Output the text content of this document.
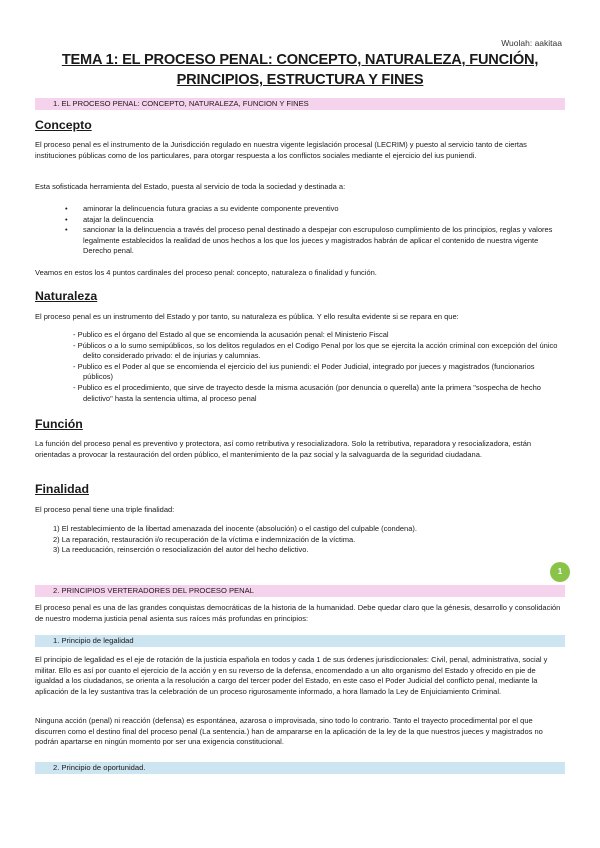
Wuolah: aakitaa
TEMA 1: EL PROCESO PENAL: CONCEPTO, NATURALEZA, FUNCIÓN,
PRINCIPIOS, ESTRUCTURA Y FINES
1. EL PROCESO PENAL: CONCEPTO, NATURALEZA, FUNCION Y FINES
Concepto

El proceso penal es el instrumento de la Jurisdicción regulado en nuestra vigente legislación procesal (LECRIM) y puesto al servicio tanto de ciertas instituciones públicas como de los particulares, para otorgar respuesta a los conflictos sociales mediante el ejercicio del ius puniendi.

Esta sofisticada herramienta del Estado, puesta al servicio de toda la sociedad y destinada a:

• aminorar la delincuencia futura gracias a su evidente componente preventivo
• atajar la delincuencia
• sancionar la la delincuencia a través del proceso penal destinado a despejar con escrupuloso cumplimiento de los principios, reglas y valores legalmente establecidos la realidad de unos hechos a los que los jueces y magistrados habrán de aplicar el contenido de nuestra vigente Derecho penal.

Veamos en estos los 4 puntos cardinales del proceso penal: concepto, naturaleza o finalidad y función.

Naturaleza

El proceso penal es un instrumento del Estado y por tanto, su naturaleza es pública. Y ello resulta evidente si se repara en que:

- Publico es el órgano del Estado al que se encomienda la acusación penal: el Ministerio Fiscal
- Públicos o a lo sumo semipúblicos, so los delitos regulados en el Codigo Penal por los que se ejercita la acción criminal con excepción del único delito considerado privado: el de injurias y calumnias.
- Publico es el Poder al que se encomienda el ejercicio del ius puniendi: el Poder Judicial, integrado por jueces y magistrados (funcionarios públicos)
- Publico es el procedimiento, que sirve de trayecto desde la misma acusación (por denuncia o querella) ante la primera "sospecha de hecho delictivo" hasta la sentencia ultima, al proceso penal
Función

La función del proceso penal es preventivo y protectora, así como retributiva y resocializadora. Solo la retributiva, reparadora y resocializadora, están orientadas a provocar la restauración del orden público, el mantenimiento de la paz social y la salvaguarda de la seguridad ciudadana.

Finalidad

El proceso penal tiene una triple finalidad:

1) El restablecimiento de la libertad amenazada del inocente (absolución) o el castigo del culpable (condena).
2) La reparación, restauración i/o recuperación de la víctima e indemnización de la víctima.
3) La reeducación, reinserción o resocialización del autor del hecho delictivo.
1
2. PRINCIPIOS VERTERADORES DEL PROCESO PENAL

El proceso penal es una de las grandes conquistas democráticas de la historia de la humanidad. Debe quedar claro que la génesis, desarrollo y consolidación de nuestro moderna justicia penal asienta sus raíces más profundas en principios:

1. Principio de legalidad

El principio de legalidad es el eje de rotación de la justicia española en todos y cada 1 de sus órdenes jurisdiccionales: Civil, penal, administrativa, social y militar. Ello es así por cuanto el ejercicio de la acción y en su reverso de la defensa, encomendado a un alto organismo del Estado y ofrecido en pie de igualdad a los ciudadanos, se orienta a la resolución a cargo del tercer poder del Estado, en este caso el Poder Judicial del conflicto penal, mediante la aplicación de la ley sustantiva tras la celebración de un proceso rigurosamente informado, a hora llamado la Ley de Enjuiciamiento Criminal.

Ninguna acción (penal) ni reacción (defensa) es espontánea, azarosa o improvisada, sino todo lo contrario. Tanto el trayecto procedimental por el que discurren como el destino final del proceso penal (La sentencia.) han de ampararse en la aplicación de la ley de la que nuestros jueces y magistrados no podrán apartarse en ningún momento por ser una exigencia constitucional.

2. Principio de oportunidad.
